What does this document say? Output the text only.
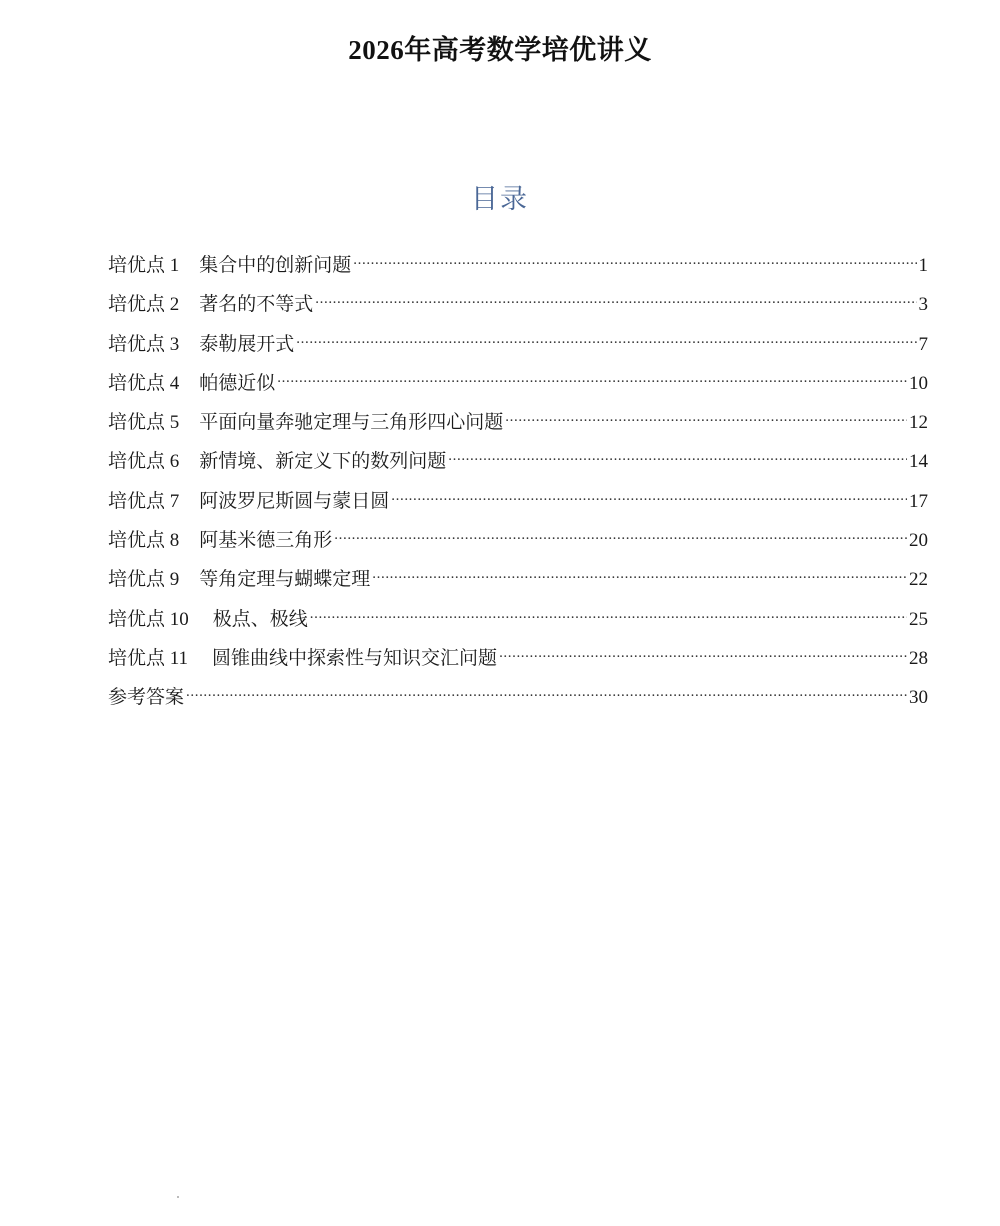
2026年高考数学培优讲义
目录
培优点 1 集合中的创新问题 .....	1
培优点 2 著名的不等式 .....	3
培优点 3 泰勒展开式 .....	7
培优点 4 帕德近似 .....	10
培优点 5 平面向量奔驰定理与三角形四心问题 .....	12
培优点 6 新情境、新定义下的数列问题 .....	14
培优点 7 阿波罗尼斯圆与蒙日圆 .....	17
培优点 8 阿基米德三角形 .....	20
培优点 9 等角定理与蝴蝶定理 .....	22
培优点 10 极点、极线 .....	25
培优点 11 圆锥曲线中探索性与知识交汇问题 .....	28
参考答案 .....	30
